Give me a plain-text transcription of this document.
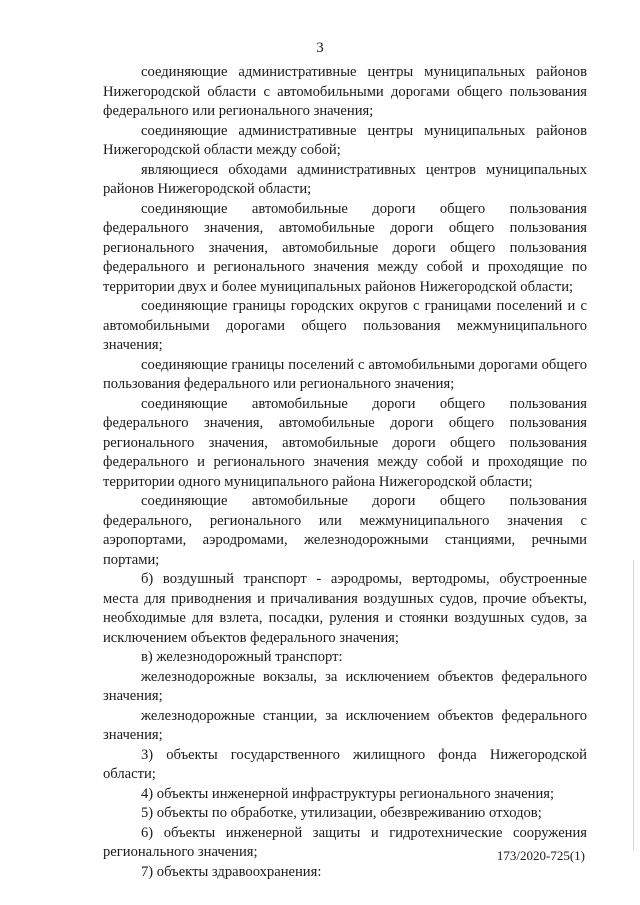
3

соединяющие административные центры муниципальных районов Нижегородской области с автомобильными дорогами общего пользования федерального или регионального значения;

соединяющие административные центры муниципальных районов Нижегородской области между собой;

являющиеся обходами административных центров муниципальных районов Нижегородской области;

соединяющие автомобильные дороги общего пользования федерального значения, автомобильные дороги общего пользования регионального значения, автомобильные дороги общего пользования федерального и регионального значения между собой и проходящие по территории двух и более муниципальных районов Нижегородской области;

соединяющие границы городских округов с границами поселений и с автомобильными дорогами общего пользования межмуниципального значения;

соединяющие границы поселений с автомобильными дорогами общего пользования федерального или регионального значения;

соединяющие автомобильные дороги общего пользования федерального значения, автомобильные дороги общего пользования регионального значения, автомобильные дороги общего пользования федерального и регионального значения между собой и проходящие по территории одного муниципального района Нижегородской области;

соединяющие автомобильные дороги общего пользования федерального, регионального или межмуниципального значения с аэропортами, аэродромами, железнодорожными станциями, речными портами;

б) воздушный транспорт - аэродромы, вертодромы, обустроенные места для приводнения и причаливания воздушных судов, прочие объекты, необходимые для взлета, посадки, руления и стоянки воздушных судов, за исключением объектов федерального значения;

в) железнодорожный транспорт:

железнодорожные вокзалы, за исключением объектов федерального значения;

железнодорожные станции, за исключением объектов федерального значения;

3) объекты государственного жилищного фонда Нижегородской области;

4) объекты инженерной инфраструктуры регионального значения;

5) объекты по обработке, утилизации, обезвреживанию отходов;

6) объекты инженерной защиты и гидротехнические сооружения регионального значения;

7) объекты здравоохранения:

173/2020-725(1)
